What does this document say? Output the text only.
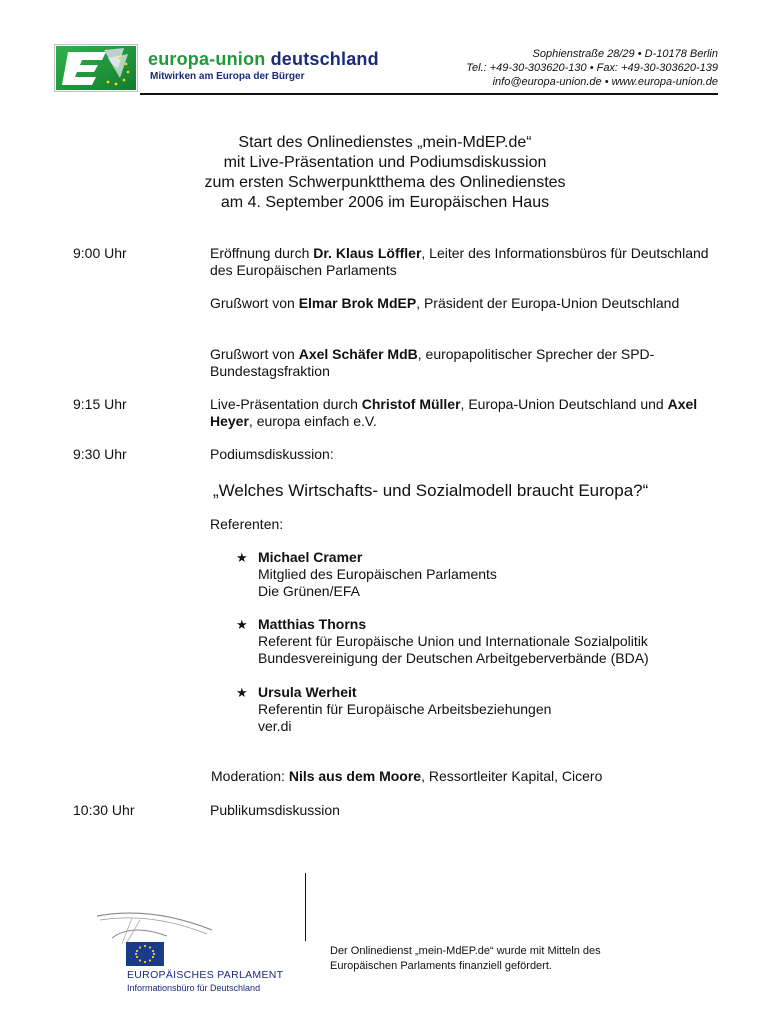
europa-union deutschland
Mitwirken am Europa der Bürger
Sophienstraße 28/29 • D-10178 Berlin
Tel.: +49-30-303620-130 • Fax: +49-30-303620-139
info@europa-union.de • www.europa-union.de
Start des Onlinedienstes „mein-MdEP.de“
mit Live-Präsentation und Podiumsdiskussion
zum ersten Schwerpunktthema des Onlinedienstes
am 4. September 2006 im Europäischen Haus
9:00 Uhr	Eröffnung durch Dr. Klaus Löffler, Leiter des Informationsbüros für Deutschland des Europäischen Parlaments
Grußwort von Elmar Brok MdEP, Präsident der Europa-Union Deutschland
Grußwort von Axel Schäfer MdB, europapolitischer Sprecher der SPD-Bundestagsfraktion
9:15 Uhr	Live-Präsentation durch Christof Müller, Europa-Union Deutschland und Axel Heyer, europa einfach e.V.
9:30 Uhr	Podiumsdiskussion:
„Welches Wirtschafts- und Sozialmodell braucht Europa?“
Referenten:
★ Michael Cramer
Mitglied des Europäischen Parlaments
Die Grünen/EFA
★ Matthias Thorns
Referent für Europäische Union und Internationale Sozialpolitik
Bundesvereinigung der Deutschen Arbeitgeberverbände (BDA)
★ Ursula Werheit
Referentin für Europäische Arbeitsbeziehungen
ver.di
Moderation: Nils aus dem Moore, Ressortleiter Kapital, Cicero
10:30 Uhr	Publikumsdiskussion
EUROPÄISCHES PARLAMENT
Informationsbüro für Deutschland
Der Onlinedienst „mein-MdEP.de“ wurde mit Mitteln des
Europäischen Parlaments finanziell gefördert.
